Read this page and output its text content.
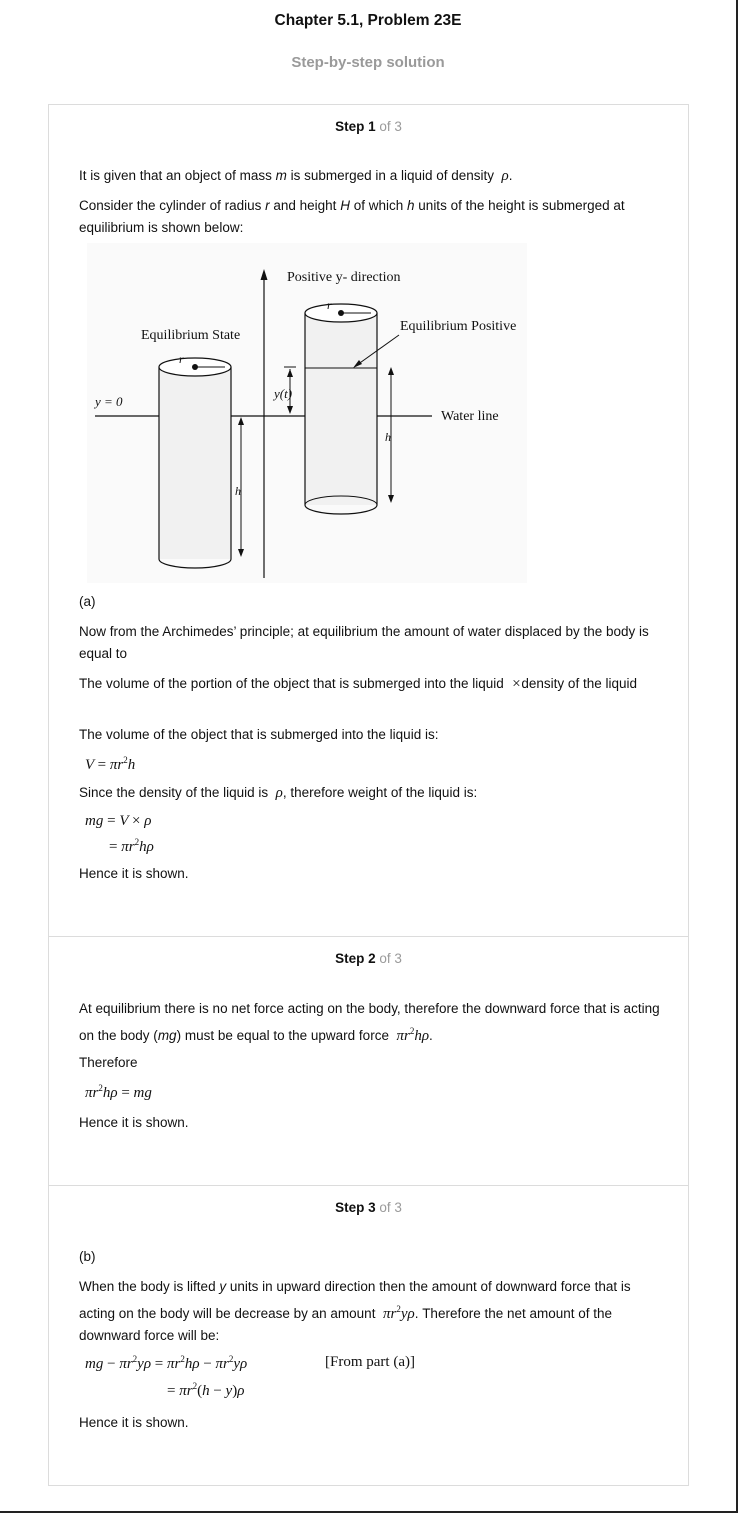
Chapter 5.1, Problem 23E
Step-by-step solution
Step 1 of 3
It is given that an object of mass m is submerged in a liquid of density ρ.
Consider the cylinder of radius r and height H of which h units of the height is submerged at equilibrium is shown below:
Positive y- direction
Equilibrium State
Equilibrium Positive
y = 0
y(t)
Water line
r
r
h
h
(a)
Now from the Archimedes’ principle; at equilibrium the amount of water displaced by the body is equal to
The volume of the portion of the object that is submerged into the liquid ×density of the liquid
The volume of the object that is submerged into the liquid is:
$V = \pi r^2h$
Since the density of the liquid is ρ, therefore weight of the liquid is:
mg = V × ρ
= $\pi r^2h\rho$
Hence it is shown.
Step 2 of 3
At equilibrium there is no net force acting on the body, therefore the downward force that is acting on the body (mg) must be equal to the upward force $\pi r^2h\rho$.
Therefore
$\pi r^2h\rho$ = mg
Hence it is shown.
Step 3 of 3
(b)
When the body is lifted y units in upward direction then the amount of downward force that is acting on the body will be decrease by an amount $\pi r^2y\rho$. Therefore the net amount of the downward force will be:
mg − $\pi r^2y\rho = \pi r^2h\rho - \pi r^2y\rho$	[From part (a)]
= $\pi r^2(h - y)\rho$
Hence it is shown.
